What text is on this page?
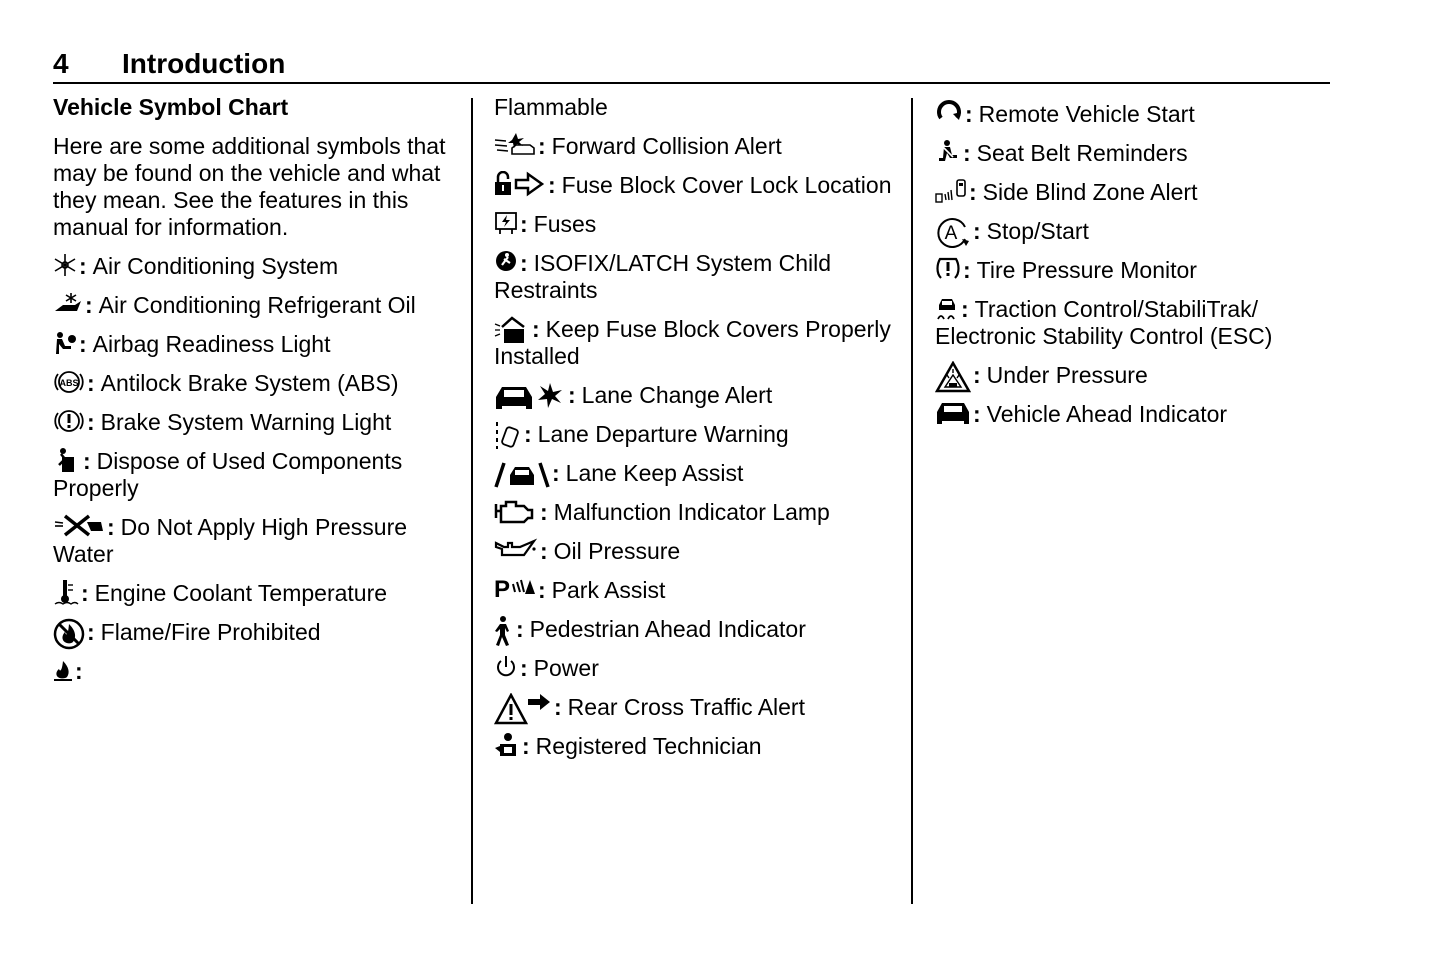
4 Introduction
Vehicle Symbol Chart
Here are some additional symbols that may be found on the vehicle and what they mean. See the features in this manual for information.
: Air Conditioning System
: Air Conditioning Refrigerant Oil
: Airbag Readiness Light
ABS : Antilock Brake System (ABS)
: Brake System Warning Light
: Dispose of Used Components Properly
: Do Not Apply High Pressure Water
: Engine Coolant Temperature
: Flame/Fire Prohibited
:
Flammable
: Forward Collision Alert
: Fuse Block Cover Lock Location
: Fuses
: ISOFIX/LATCH System Child Restraints
: Keep Fuse Block Covers Properly Installed
: Lane Change Alert
: Lane Departure Warning
: Lane Keep Assist
: Malfunction Indicator Lamp
: Oil Pressure
P : Park Assist
: Pedestrian Ahead Indicator
: Power
: Rear Cross Traffic Alert
: Registered Technician
: Remote Vehicle Start
: Seat Belt Reminders
: Side Blind Zone Alert
A : Stop/Start
: Tire Pressure Monitor
: Traction Control/StabiliTrak/ Electronic Stability Control (ESC)
: Under Pressure
: Vehicle Ahead Indicator
